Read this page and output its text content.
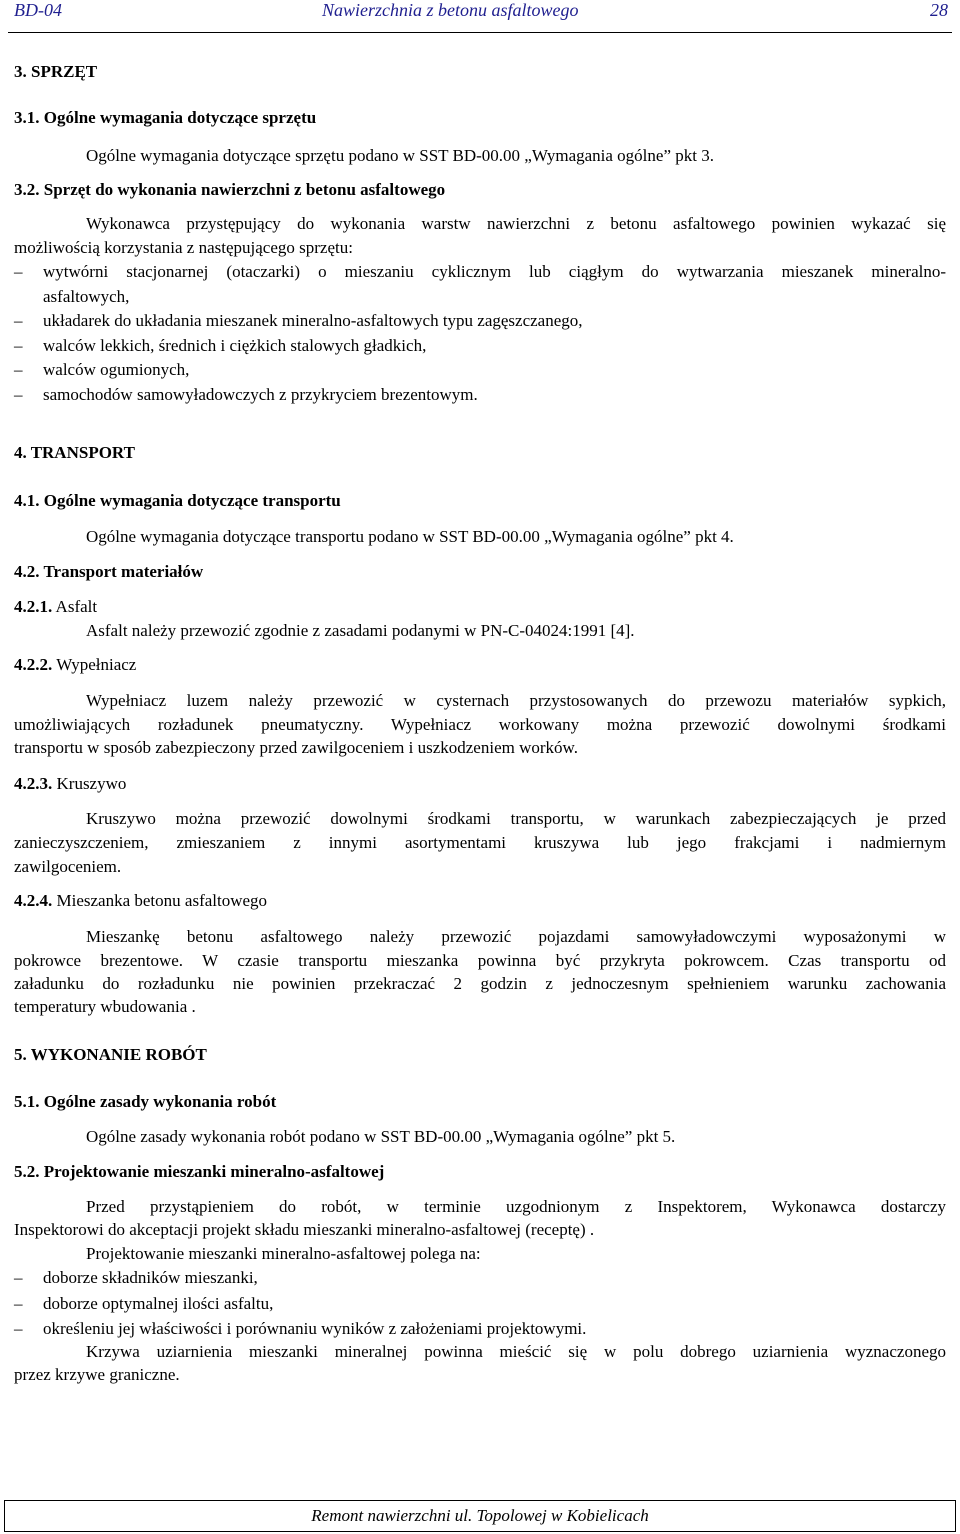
BD-04	Nawierzchnia z betonu asfaltowego	28
3. SPRZĘT
3.1. Ogólne wymagania dotyczące sprzętu
Ogólne wymagania dotyczące sprzętu podano w SST BD-00.00 „Wymagania ogólne” pkt 3.
3.2. Sprzęt do wykonania nawierzchni z betonu asfaltowego
Wykonawca przystępujący do wykonania warstw nawierzchni z betonu asfaltowego powinien wykazać się
możliwością korzystania z następującego sprzętu:
–
wytwórni stacjonarnej (otaczarki) o mieszaniu cyklicznym lub ciągłym do wytwarzania mieszanek mineralno-
asfaltowych,
–
układarek do układania mieszanek mineralno-asfaltowych typu zagęszczanego,
–
walców lekkich, średnich i ciężkich stalowych gładkich,
–
walców ogumionych,
–
samochodów samowyładowczych z przykryciem brezentowym.
4. TRANSPORT
4.1. Ogólne wymagania dotyczące transportu
Ogólne wymagania dotyczące transportu podano w SST BD-00.00 „Wymagania ogólne” pkt 4.
4.2. Transport materiałów
4.2.1. Asfalt
Asfalt należy przewozić zgodnie z zasadami podanymi w PN-C-04024:1991 [4].
4.2.2. Wypełniacz
Wypełniacz luzem należy przewozić w cysternach przystosowanych do przewozu materiałów sypkich,
umożliwiających rozładunek pneumatyczny. Wypełniacz workowany można przewozić dowolnymi środkami
transportu w sposób zabezpieczony przed zawilgoceniem i uszkodzeniem worków.
4.2.3. Kruszywo
Kruszywo można przewozić dowolnymi środkami transportu, w warunkach zabezpieczających je przed
zanieczyszczeniem, zmieszaniem z innymi asortymentami kruszywa lub jego frakcjami i nadmiernym
zawilgoceniem.
4.2.4. Mieszanka betonu asfaltowego
Mieszankę betonu asfaltowego należy przewozić pojazdami samowyładowczymi wyposażonymi w
pokrowce brezentowe. W czasie transportu mieszanka powinna być przykryta pokrowcem. Czas transportu od
załadunku do rozładunku nie powinien przekraczać 2 godzin z jednoczesnym spełnieniem warunku zachowania
temperatury wbudowania .
5. WYKONANIE ROBÓT
5.1. Ogólne zasady wykonania robót
Ogólne zasady wykonania robót podano w SST BD-00.00 „Wymagania ogólne” pkt 5.
5.2. Projektowanie mieszanki mineralno-asfaltowej
Przed przystąpieniem do robót, w terminie uzgodnionym z Inspektorem, Wykonawca dostarczy
Inspektorowi do akceptacji projekt składu mieszanki mineralno-asfaltowej (receptę) .
Projektowanie mieszanki mineralno-asfaltowej polega na:
–
doborze składników mieszanki,
–
doborze optymalnej ilości asfaltu,
–
określeniu jej właściwości i porównaniu wyników z założeniami projektowymi.
Krzywa uziarnienia mieszanki mineralnej powinna mieścić się w polu dobrego uziarnienia wyznaczonego
przez krzywe graniczne.
Remont nawierzchni ul. Topolowej w Kobielicach
